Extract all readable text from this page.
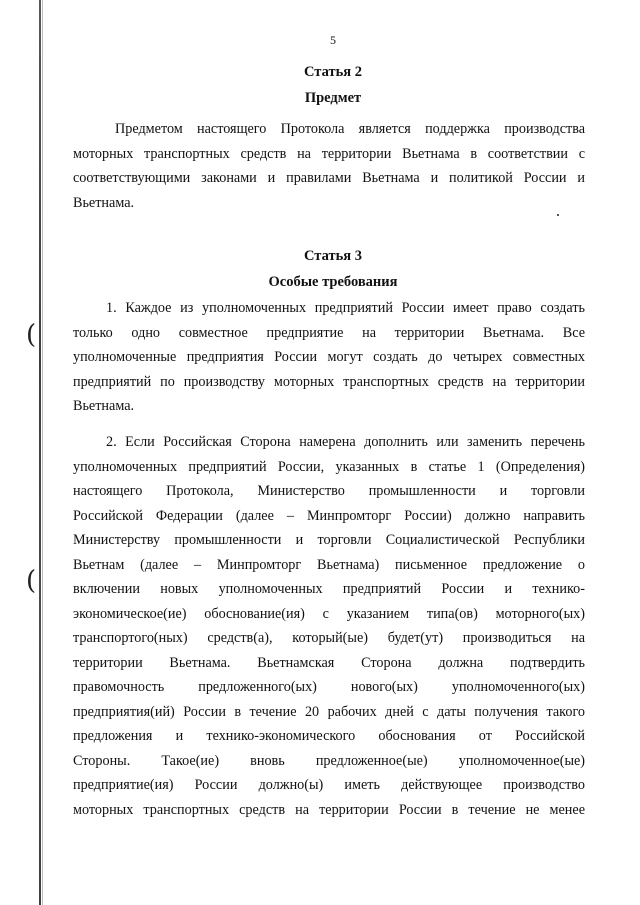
(
(
5
Статья 2
Предмет
Предметом настоящего Протокола является поддержка производства
моторных транспортных средств на территории Вьетнама в соответствии с
соответствующими законами и правилами Вьетнама и политикой России и
Вьетнама.
Статья 3
Особые требования
1. Каждое из уполномоченных предприятий России имеет право создать
только одно совместное предприятие на территории Вьетнама. Все
уполномоченные предприятия России могут создать до четырех совместных
предприятий по производству моторных транспортных средств на территории
Вьетнама.
2. Если Российская Сторона намерена дополнить или заменить перечень
уполномоченных предприятий России, указанных в статье 1 (Определения)
настоящего Протокола, Министерство промышленности и торговли
Российской Федерации (далее – Минпромторг России) должно направить
Министерству промышленности и торговли Социалистической Республики
Вьетнам (далее – Минпромторг Вьетнама) письменное предложение о
включении новых уполномоченных предприятий России и технико-
экономическое(ие) обоснование(ия) с указанием типа(ов) моторного(ых)
транспортого(ных) средств(а), который(ые) будет(ут) производиться на
территории Вьетнама. Вьетнамская Сторона должна подтвердить
правомочность предложенного(ых) нового(ых) уполномоченного(ых)
предприятия(ий) России в течение 20 рабочих дней с даты получения такого
предложения и технико-экономического обоснования от Российской
Стороны. Такое(ие) вновь предложенное(ые) уполномоченное(ые)
предприятие(ия) России должно(ы) иметь действующее производство
моторных транспортных средств на территории России в течение не менее
